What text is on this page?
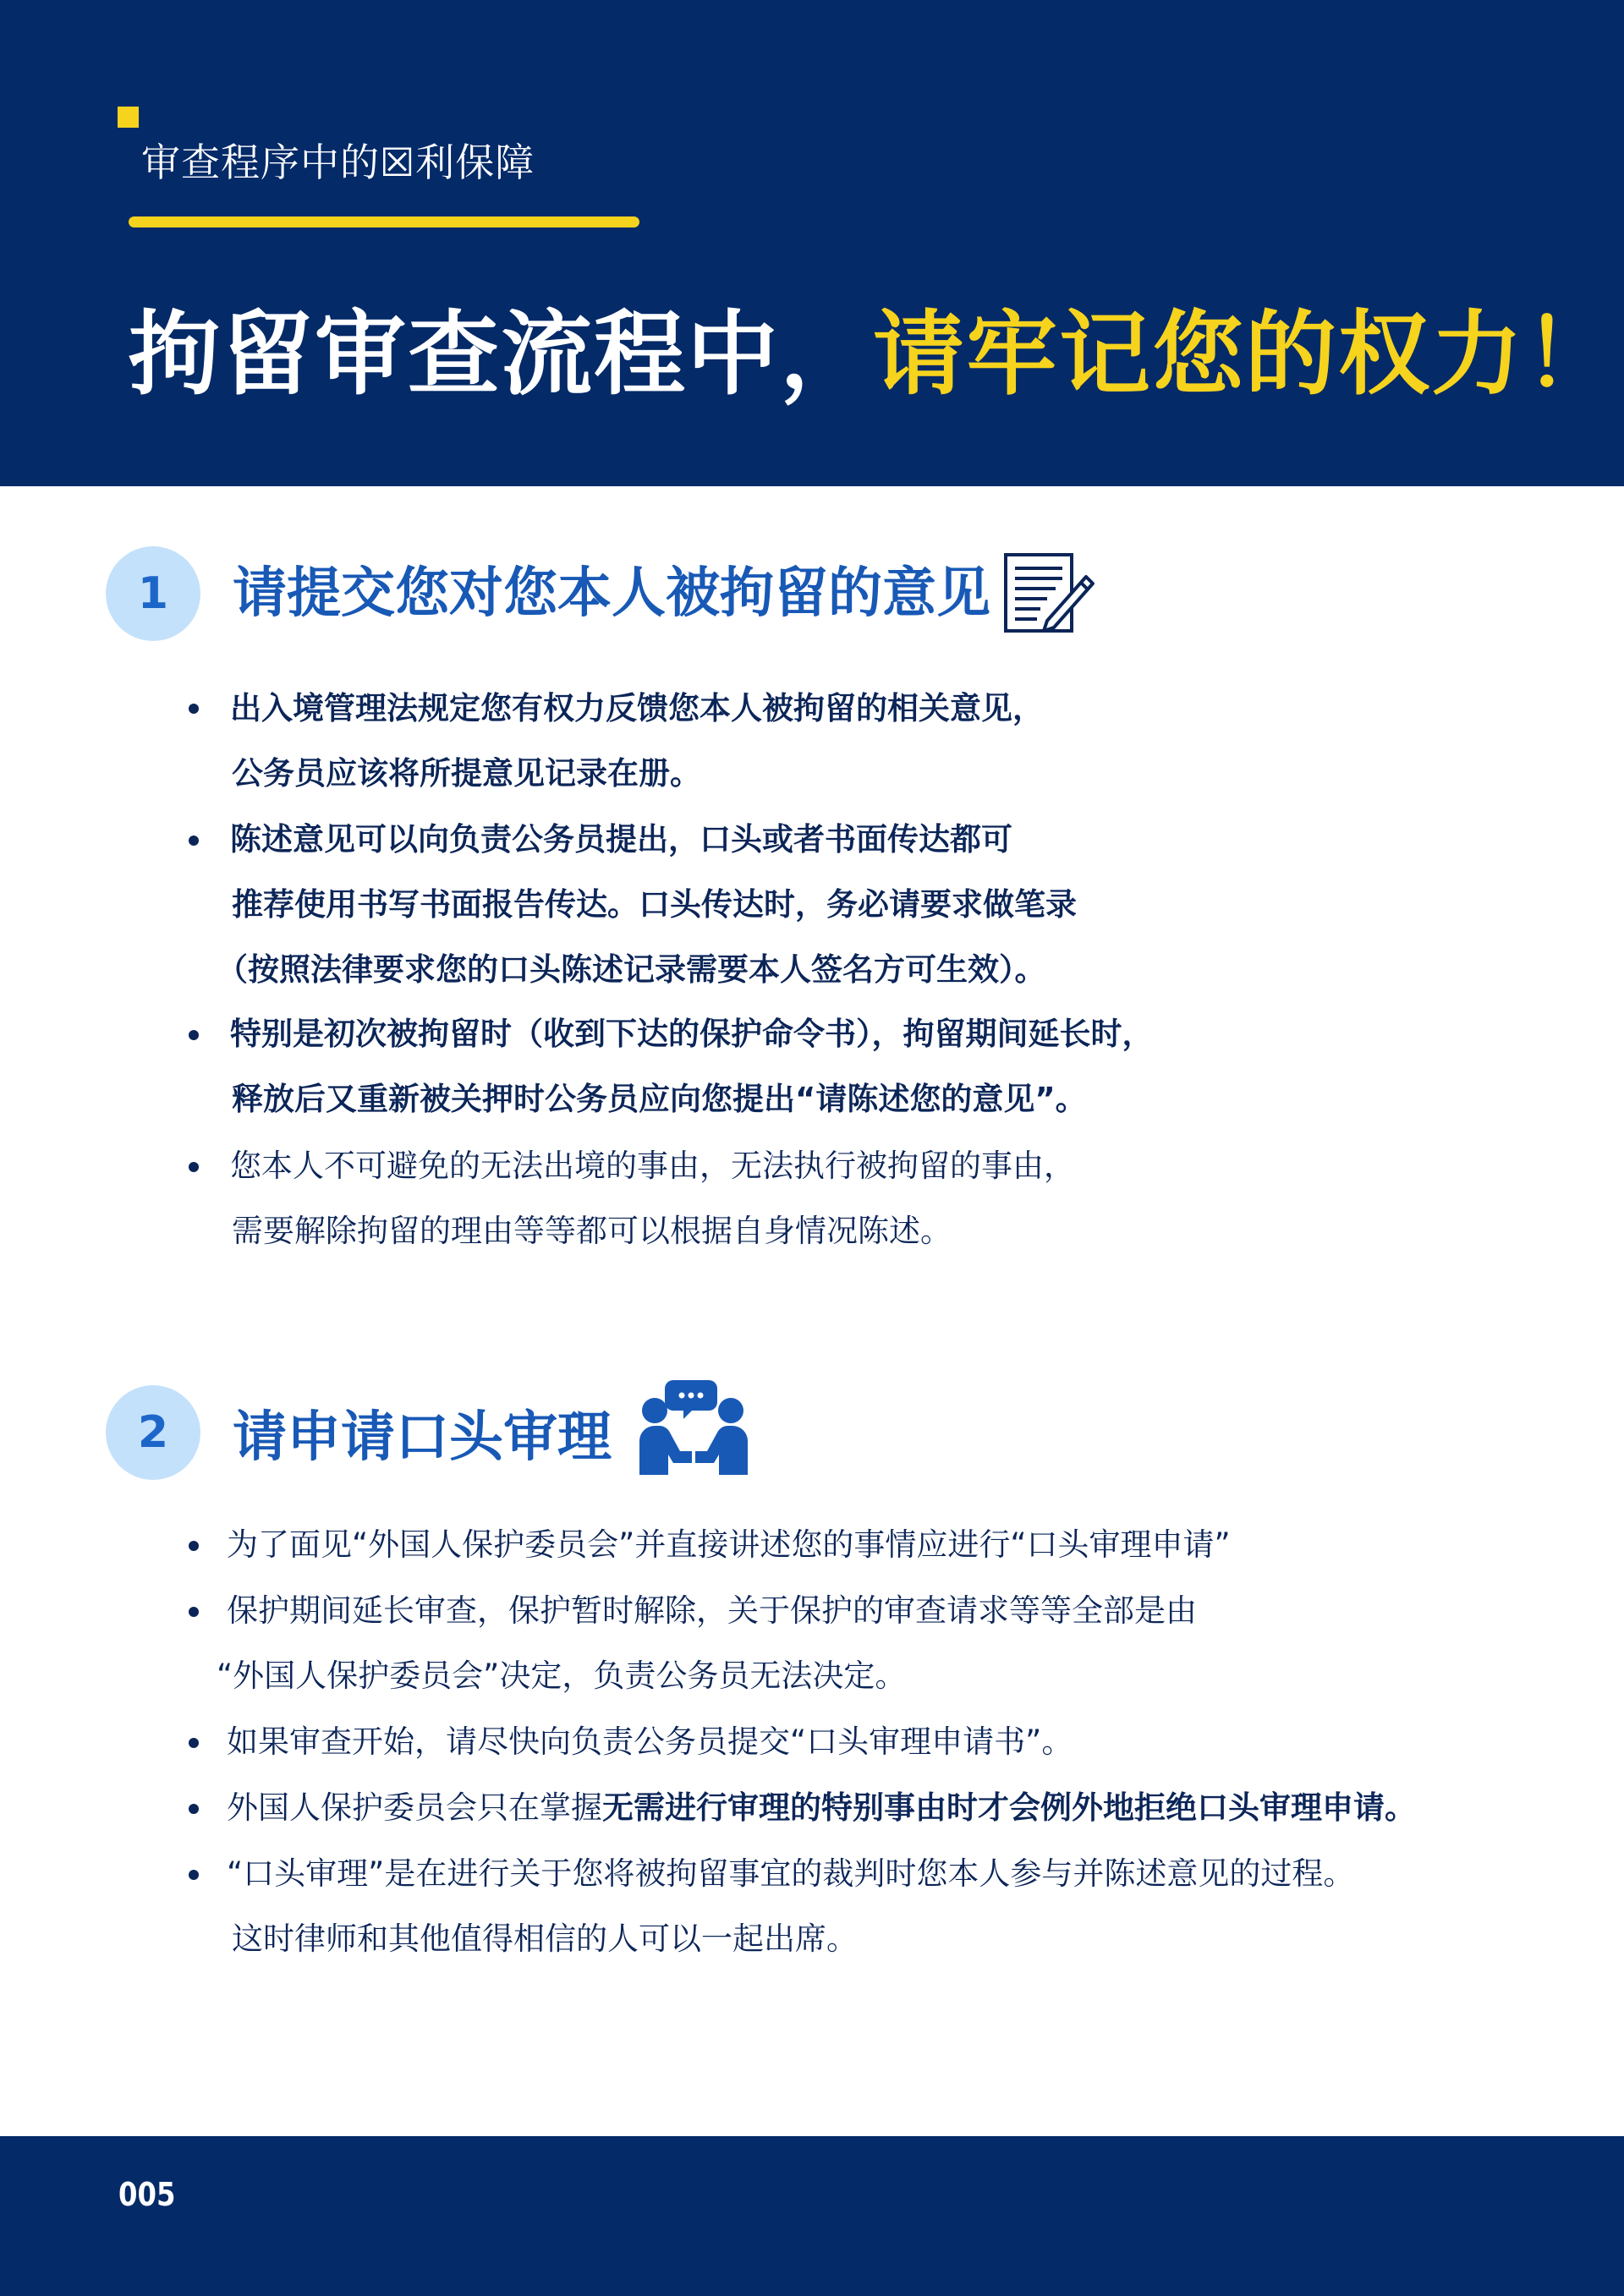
审查程序中的☒利保障
拘留审查流程中，请牢记您的权力！
1	请提交您对您本人被拘留的意见
出入境管理法规定您有权力反馈您本人被拘留的相关意见，
公务员应该将所提意见记录在册。
陈述意见可以向负责公务员提出，口头或者书面传达都可
推荐使用书写书面报告传达。口头传达时，务必请要求做笔录
（按照法律要求您的口头陈述记录需要本人签名方可生效）。
特别是初次被拘留时（收到下达的保护命令书），拘留期间延长时，
释放后又重新被关押时公务员应向您提出“请陈述您的意见”。
您本人不可避免的无法出境的事由，无法执行被拘留的事由，
需要解除拘留的理由等等都可以根据自身情况陈述。
2	请申请口头审理
为了面见“外国人保护委员会”并直接讲述您的事情应进行“口头审理申请”
保护期间延长审查，保护暂时解除，关于保护的审查请求等等全部是由
“外国人保护委员会”决定，负责公务员无法决定。
如果审查开始，请尽快向负责公务员提交“口头审理申请书”。
外国人保护委员会只在掌握无需进行审理的特别事由时才会例外地拒绝口头审理申请。
“口头审理”是在进行关于您将被拘留事宜的裁判时您本人参与并陈述意见的过程。
这时律师和其他值得相信的人可以一起出席。
005
